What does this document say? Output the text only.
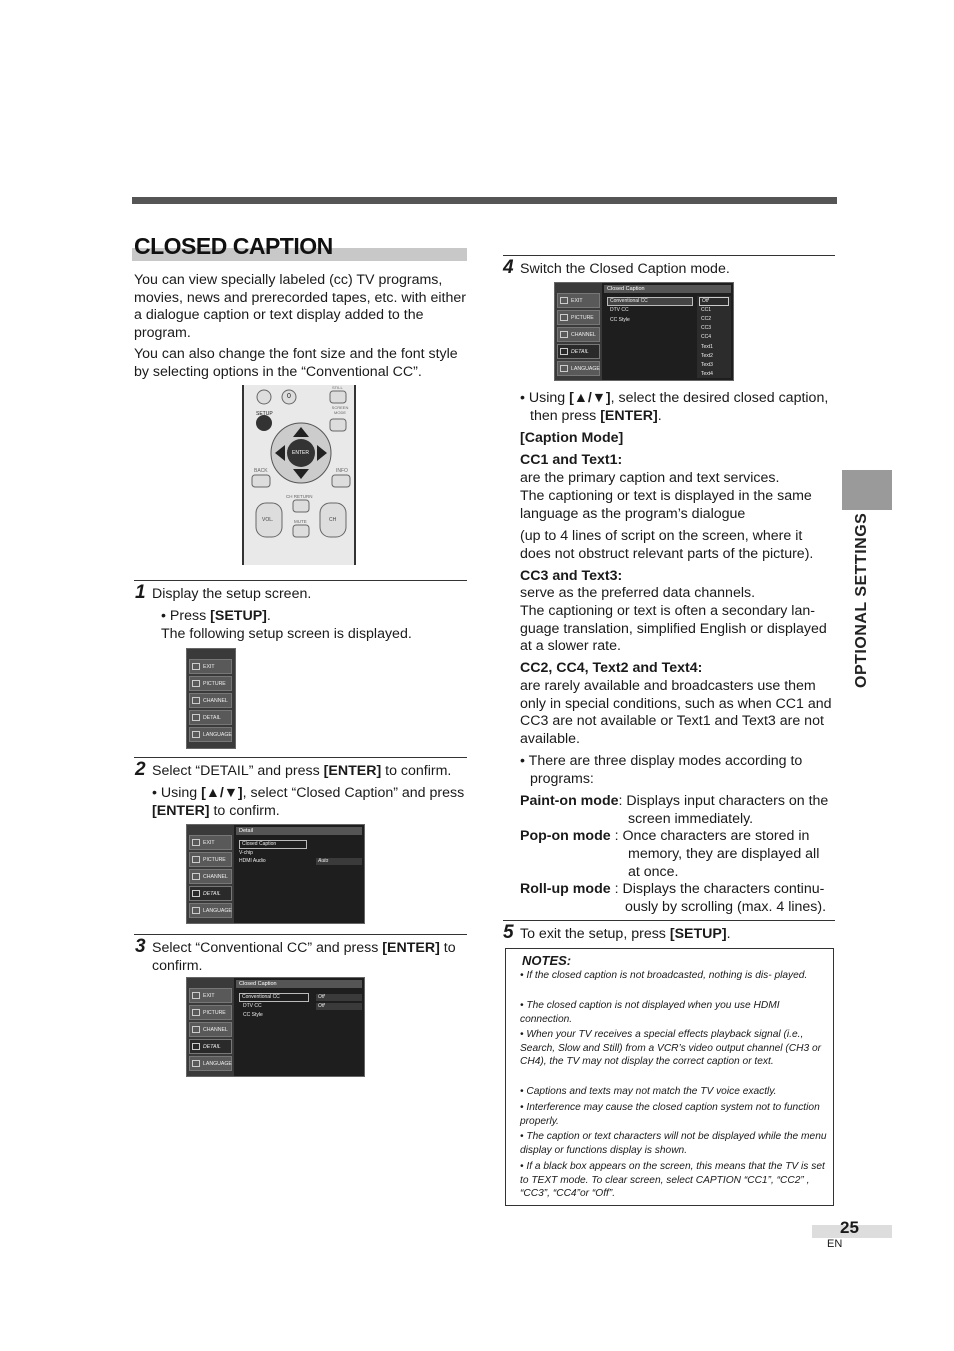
CLOSED CAPTION
You can view specially labeled (cc) TV programs, movies, news and prerecorded tapes, etc. with either a dialogue caption or text display added to the program.
You can also change the font size and the font style by selecting options in the “Conventional CC”.
0
STILL
SCREEN MODE
SETUP
ENTER
BACK	INFO
CH RETURN
VOL.	CH
MUTE
1 Display the setup screen.
• Press [SETUP].
The following setup screen is displayed.
EXIT
PICTURE
CHANNEL
DETAIL
LANGUAGE
2 Select “DETAIL” and press [ENTER] to confirm.
• Using [▲/▼], select “Closed Caption” and press [ENTER] to confirm.
EXIT
PICTURE
CHANNEL
DETAIL
LANGUAGE
Detail
Closed Caption
V-chip
HDMI Audio	Auto
3 Select “Conventional CC” and press [ENTER] to confirm.
EXIT
PICTURE
CHANNEL
DETAIL
LANGUAGE
Closed Caption
Conventional CC
DTV CC
CC Style
Off
Off
4 Switch the Closed Caption mode.
EXIT
PICTURE
CHANNEL
DETAIL
LANGUAGE
Closed Caption
Conventional CC
DTV CC
CC Style
Off
CC1
CC2
CC3
CC4
Text1
Text2
Text3
Text4
• Using [▲/▼], select the desired closed caption, then press [ENTER].
[Caption Mode]
CC1 and Text1:
are the primary caption and text services.
The captioning or text is displayed in the same language as the program’s dialogue
(up to 4 lines of script on the screen, where it does not obstruct relevant parts of the picture).
CC3 and Text3:
serve as the preferred data channels.
The captioning or text is often a secondary lan- guage translation, simplified English or displayed at a slower rate.
CC2, CC4, Text2 and Text4:
are rarely available and broadcasters use them only in special conditions, such as when CC1 and CC3 are not available or Text1 and Text3 are not available.
• There are three display modes according to programs:
Paint-on mode: Displays input characters on the
screen immediately.
Pop-on mode : Once characters are stored in
memory, they are displayed all
at once.
Roll-up mode : Displays the characters continu-
ously by scrolling (max. 4 lines).
5 To exit the setup, press [SETUP].
NOTES:
• If the closed caption is not broadcasted, nothing is dis- played.
• The closed caption is not displayed when you use HDMI connection.
• When your TV receives a special effects playback signal (i.e., Search, Slow and Still) from a VCR’s video output channel (CH3 or CH4), the TV may not display the correct caption or text.
• Captions and texts may not match the TV voice exactly.
• Interference may cause the closed caption system not to function properly.
• The caption or text characters will not be displayed while the menu display or functions display is shown.
• If a black box appears on the screen, this means that the TV is set to TEXT mode. To clear screen, select CAPTION “CC1”, “CC2” , “CC3”, “CC4”or “Off”.
OPTIONAL SETTINGS
25
EN
